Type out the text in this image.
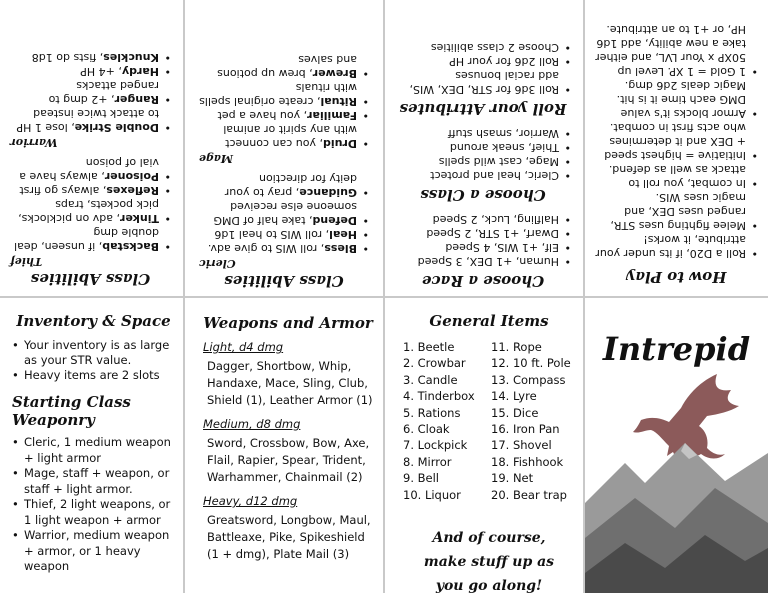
How to Play
• Roll a D20, if its under your attribute, it works!
• Melee fighting uses STR, ranged uses DEX, and magic uses WIS.
• In combat, you roll to attack as well as defend.
• Initiative = highest speed + DEX and it determines who acts first in combat.
• Armor blocks it's value DMG each time it is hit. Magic deals 2d6 dmg.
• 1 Gold = 1 XP. Level up 50XP x Your LVL, and either take a new ability, add 1d6 HP, or +1 to an attribute.
Choose a Race
• Human, +1 DEX, 3 Speed
• Elf, +1 WIS, 4 Speed
• Dwarf, +1 STR, 2 Speed
• Halfling, Luck, 2 Speed
Choose a Class
• Cleric, heal and protect
• Mage, cast wild spells
• Thief, sneak around
• Warrior, smash stuff
Roll your Attributes
• Roll 3d6 for STR, DEX, WIS, add racial bonuses
• Roll 2d6 for your HP
• Choose 2 class abilities
Class Abilities
Cleric
• Bless, roll WIS to give adv.
• Heal, roll WIS to heal 1d6
• Defend, take half of DMG someone else received
• Guidance, pray to your deity for direction
Mage
• Druid, you can connect with any spirit or animal
• Familiar, you have a pet
• Ritual, create original spells with rituals
• Brewer, brew up potions and salves
Class Abilities
Thief
• Backstab, if unseen, deal double dmg
• Tinker, adv on picklocks, pick pockets, traps
• Reflexes, always go first
• Poisoner, always have a vial of poison
Warrior
• Double Strike, lose 1 HP to attack twice instead
• Ranger, +2 dmg to ranged attacks
• Hardy, +4 HP
• Knuckles, fists do 1d8
Inventory & Space
• Your inventory is as large as your STR value.
• Heavy items are 2 slots
Starting Class Weaponry
• Cleric, 1 medium weapon + light armor
• Mage, staff + weapon, or staff + light armor.
• Thief, 2 light weapons, or 1 light weapon + armor
• Warrior, medium weapon + armor, or 1 heavy weapon
Weapons and Armor
Light, d4 dmg
Dagger, Shortbow, Whip, Handaxe, Mace, Sling, Club, Shield (1), Leather Armor (1)
Medium, d8 dmg
Sword, Crossbow, Bow, Axe, Flail, Rapier, Spear, Trident, Warhammer, Chainmail (2)
Heavy, d12 dmg
Greatsword, Longbow, Maul, Battleaxe, Pike, Spikeshield (1 + dmg), Plate Mail (3)
General Items
1. Beetle	11. Rope
2. Crowbar	12. 10 ft. Pole
3. Candle	13. Compass
4. Tinderbox	14. Lyre
5. Rations	15. Dice
6. Cloak	16. Iron Pan
7. Lockpick	17. Shovel
8. Mirror	18. Fishhook
9. Bell	19. Net
10. Liquor	20. Bear trap
And of course, make stuff up as you go along!
Intrepid
